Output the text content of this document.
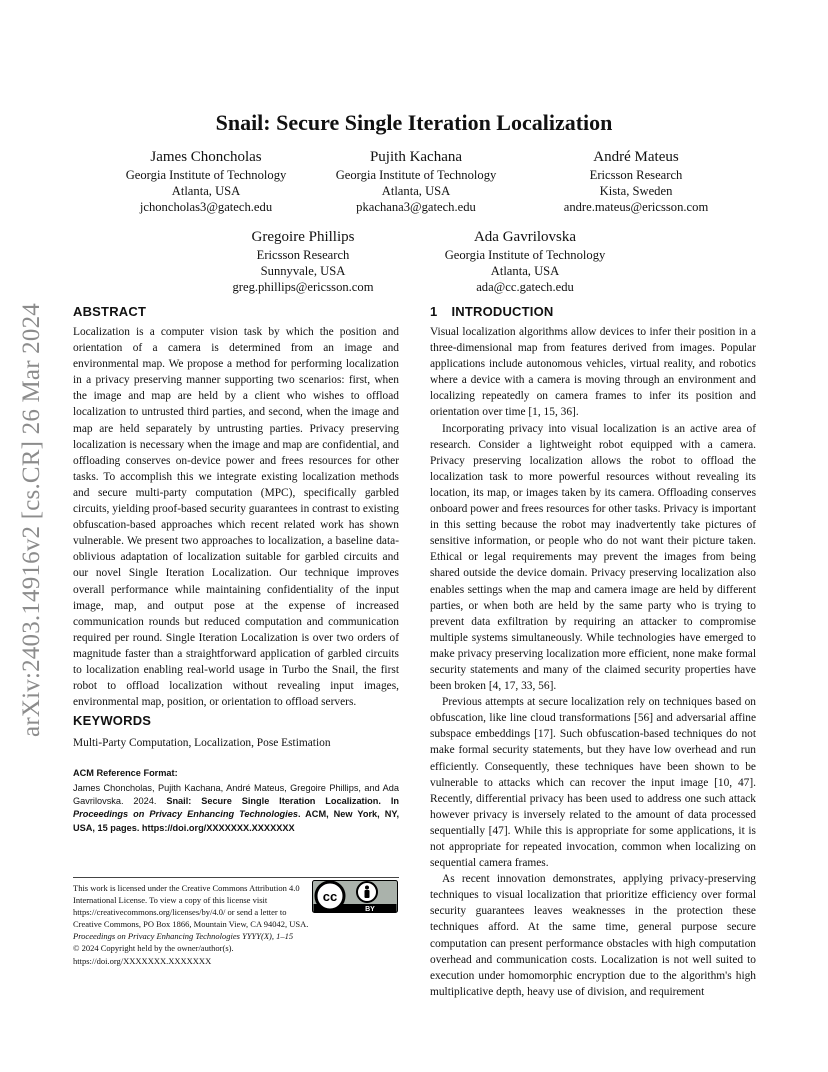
arXiv:2403.14916v2 [cs.CR] 26 Mar 2024
Snail: Secure Single Iteration Localization
James Choncholas
Georgia Institute of Technology
Atlanta, USA
jchoncholas3@gatech.edu
Pujith Kachana
Georgia Institute of Technology
Atlanta, USA
pkachana3@gatech.edu
André Mateus
Ericsson Research
Kista, Sweden
andre.mateus@ericsson.com
Gregoire Phillips
Ericsson Research
Sunnyvale, USA
greg.phillips@ericsson.com
Ada Gavrilovska
Georgia Institute of Technology
Atlanta, USA
ada@cc.gatech.edu
ABSTRACT

Localization is a computer vision task by which the position and orientation of a camera is determined from an image and environmental map. We propose a method for performing localization in a privacy preserving manner supporting two scenarios: first, when the image and map are held by a client who wishes to offload localization to untrusted third parties, and second, when the image and map are held separately by untrusting parties. Privacy preserving localization is necessary when the image and map are confidential, and offloading conserves on-device power and frees resources for other tasks. To accomplish this we integrate existing localization methods and secure multi-party computation (MPC), specifically garbled circuits, yielding proof-based security guarantees in contrast to existing obfuscation-based approaches which recent related work has shown vulnerable. We present two approaches to localization, a baseline data-oblivious adaptation of localization suitable for garbled circuits and our novel Single Iteration Localization. Our technique improves overall performance while maintaining confidentiality of the input image, map, and output pose at the expense of increased communication rounds but reduced computation and communication required per round. Single Iteration Localization is over two orders of magnitude faster than a straightforward application of garbled circuits to localization enabling real-world usage in Turbo the Snail, the first robot to offload localization without revealing input images, environmental map, position, or orientation to offload servers.

KEYWORDS

Multi-Party Computation, Localization, Pose Estimation

ACM Reference Format:
James Choncholas, Pujith Kachana, André Mateus, Gregoire Phillips, and Ada Gavrilovska. 2024. Snail: Secure Single Iteration Localization. In Proceedings on Privacy Enhancing Technologies. ACM, New York, NY, USA, 15 pages. https://doi.org/XXXXXXX.XXXXXXX
This work is licensed under the Creative Commons Attribution 4.0 International License. To view a copy of this license visit https://creativecommons.org/licenses/by/4.0/ or send a letter to Creative Commons, PO Box 1866, Mountain View, CA 94042, USA.
Proceedings on Privacy Enhancing Technologies YYYY(X), 1–15
© 2024 Copyright held by the owner/author(s).
https://doi.org/XXXXXXX.XXXXXXX
cc
BY
1 INTRODUCTION

Visual localization algorithms allow devices to infer their position in a three-dimensional map from features derived from images. Popular applications include autonomous vehicles, virtual reality, and robotics where a device with a camera is moving through an environment and localizing repeatedly on camera frames to infer its position and orientation over time [1, 15, 36].

Incorporating privacy into visual localization is an active area of research. Consider a lightweight robot equipped with a camera. Privacy preserving localization allows the robot to offload the localization task to more powerful resources without revealing its location, its map, or images taken by its camera. Offloading conserves onboard power and frees resources for other tasks. Privacy is important in this setting because the robot may inadvertently take pictures of sensitive information, or people who do not want their picture taken. Ethical or legal requirements may prevent the images from being shared outside the device domain. Privacy preserving localization also enables settings when the map and camera image are held by different parties, or when both are held by the same party who is trying to prevent data exfiltration by requiring an attacker to compromise multiple systems simultaneously. While technologies have emerged to make privacy preserving localization more efficient, none make formal security statements and many of the claimed security properties have been broken [4, 17, 33, 56].

Previous attempts at secure localization rely on techniques based on obfuscation, like line cloud transformations [56] and adversarial affine subspace embeddings [17]. Such obfuscation-based techniques do not make formal security statements, but they have low overhead and run efficiently. Consequently, these techniques have been shown to be vulnerable to attacks which can recover the input image [10, 47]. Recently, differential privacy has been used to address one such attack however privacy is inversely related to the amount of data processed sequentially [47]. While this is appropriate for some applications, it is not appropriate for repeated invocation, common when localizing on sequential camera frames.

As recent innovation demonstrates, applying privacy-preserving techniques to visual localization that prioritize efficiency over formal security guarantees leaves weaknesses in the protection these techniques afford. At the same time, general purpose secure computation can present performance obstacles with high computation overhead and communication costs. Localization is not well suited to execution under homomorphic encryption due to the algorithm's high multiplicative depth, heavy use of division, and requirement
